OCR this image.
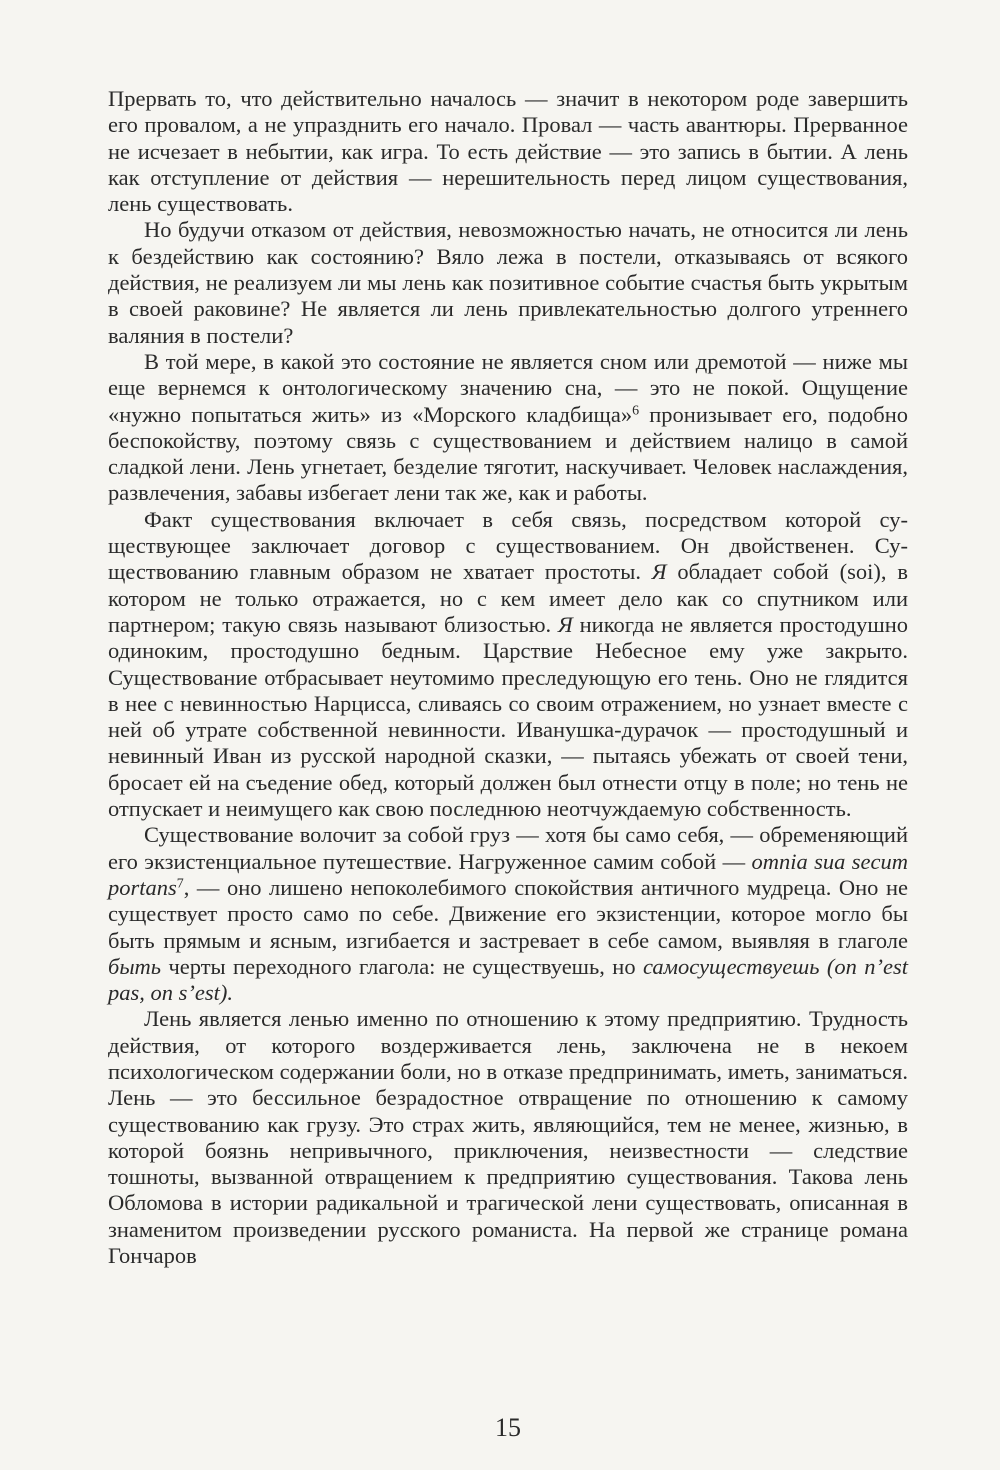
Прервать то, что действительно началось — значит в некотором роде завершить его провалом, а не упразднить его начало. Провал — часть авантюры. Прерванное не исчезает в небытии, как игра. То есть действие — это запись в бытии. А лень как отступление от действия — нерешительность перед лицом существования, лень существовать.

Но будучи отказом от действия, невозможностью начать, не относится ли лень к бездействию как состоянию? Вяло лежа в постели, отказываясь от всякого действия, не реализуем ли мы лень как позитивное событие счастья быть укрытым в своей раковине? Не является ли лень привлекательностью долгого утреннего валяния в постели?

В той мере, в какой это состояние не является сном или дремотой — ниже мы еще вернемся к онтологическому значению сна, — это не покой. Ощущение «нужно попытаться жить» из «Морского кладбища»$^6$ пронизывает его, подобно беспокойству, поэтому связь с существованием и действием налицо в самой сладкой лени. Лень угнетает, безделие тяготит, наскучивает. Человек наслаждения, развлечения, забавы избегает лени так же, как и работы.

Факт существования включает в себя связь, посредством которой существующее заключает договор с существованием. Он двойственен. Существованию главным образом не хватает простоты. Я обладает собой (soi), в котором не только отражается, но с кем имеет дело как со спутником или партнером; такую связь называют близостью. Я никогда не является простодушно одиноким, простодушно бедным. Царствие Небесное ему уже закрыто. Существование отбрасывает неутомимо преследующую его тень. Оно не глядится в нее с невинностью Нарцисса, сливаясь со своим отражением, но узнает вместе с ней об утрате собственной невинности. Иванушка-дурачок — простодушный и невинный Иван из русской народной сказки, — пытаясь убежать от своей тени, бросает ей на съедение обед, который должен был отнести отцу в поле; но тень не отпускает и неимущего как свою последнюю неотчуждаемую собственность.

Существование волочит за собой груз — хотя бы само себя, — обременяющий его экзистенциальное путешествие. Нагруженное самим собой — omnia sua secum portans$^7$, — оно лишено непоколебимого спокойствия античного мудреца. Оно не существует просто само по себе. Движение его экзистенции, которое могло бы быть прямым и ясным, изгибается и застревает в себе самом, выявляя в глаголе быть черты переходного глагола: не существуешь, но самосуществуешь (on n’est pas, on s’est).

Лень является ленью именно по отношению к этому предприятию. Трудность действия, от которого воздерживается лень, заключена не в некоем психологическом содержании боли, но в отказе предпринимать, иметь, заниматься. Лень — это бессильное безрадостное отвращение по отношению к самому существованию как грузу. Это страх жить, являющийся, тем не менее, жизнью, в которой боязнь непривычного, приключения, неизвестности — следствие тошноты, вызванной отвращением к предприятию существования. Такова лень Обломова в истории радикальной и трагической лени существовать, описанная в знаменитом произведении русского романиста. На первой же странице романа Гончаров

15
